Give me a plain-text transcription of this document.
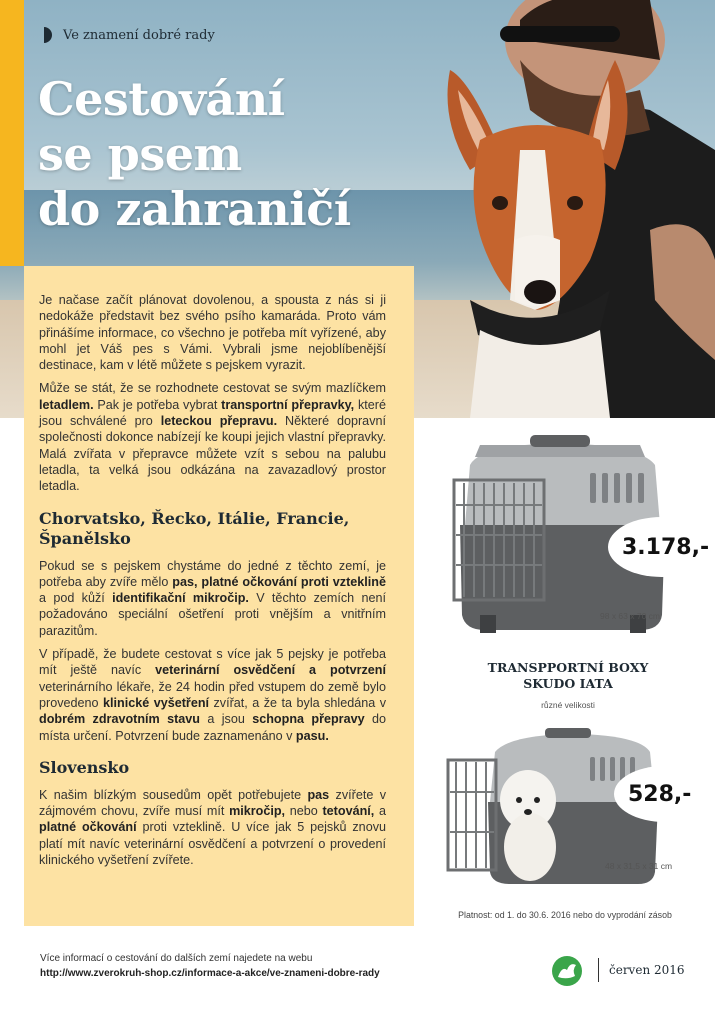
Ve znamení dobré rady
Cestování
se psem
do zahraničí

Je načase začít plánovat dovolenou, a spousta z nás si ji nedokáže představit bez svého psího kamaráda. Proto vám přinášíme informace, co všechno je potřeba mít vyřízené, aby mohl jet Váš pes s Vámi. Vybrali jsme nejoblíbenější destinace, kam v létě můžete s pejskem vyrazit.

Může se stát, že se rozhodnete cestovat se svým mazlíčkem letadlem. Pak je potřeba vybrat transportní přepravky, které jsou schválené pro leteckou přepravu. Některé dopravní společnosti dokonce nabízejí ke koupi jejich vlastní přepravky. Malá zvířata v přepravce můžete vzít s sebou na palubu letadla, ta velká jsou odkázána na zavazadlový prostor letadla.

Chorvatsko, Řecko, Itálie, Francie, Španělsko

Pokud se s pejskem chystáme do jedné z těchto zemí, je potřeba aby zvíře mělo pas, platné očkování proti vzteklině a pod kůží identifikační mikročip. V těchto zemích není požadováno speciální ošetření proti vnějším a vnitřním parazitům.

V případě, že budete cestovat s více jak 5 pejsky je potřeba mít ještě navíc veterinární osvědčení a potvrzení veterinárního lékaře, že 24 hodin před vstupem do země bylo provedeno klinické vyšetření zvířat, a že ta byla shledána v dobrém zdravotním stavu a jsou schopna přepravy do místa určení. Potvrzení bude zaznamenáno v pasu.

Slovensko

K našim blízkým sousedům opět potřebujete pas zvířete v zájmovém chovu, zvíře musí mít mikročip, nebo tetování, a platné očkování proti vzteklině. U více jak 5 pejsků znovu platí mít navíc veterinární osvědčení a potvrzení o provedení klinického vyšetření zvířete.

3.178,-
98 x 63 x 70 cm
TRANSPPORTNÍ BOXY
SKUDO IATA
různé velikosti
528,-
48 x 31,5 x 31 cm
Platnost: od 1. do 30.6. 2016 nebo do vyprodání zásob
Více informací o cestování do dalších zemí najedete na webu
http://www.zverokruh-shop.cz/informace-a-akce/ve-znameni-dobre-rady	červen 2016
